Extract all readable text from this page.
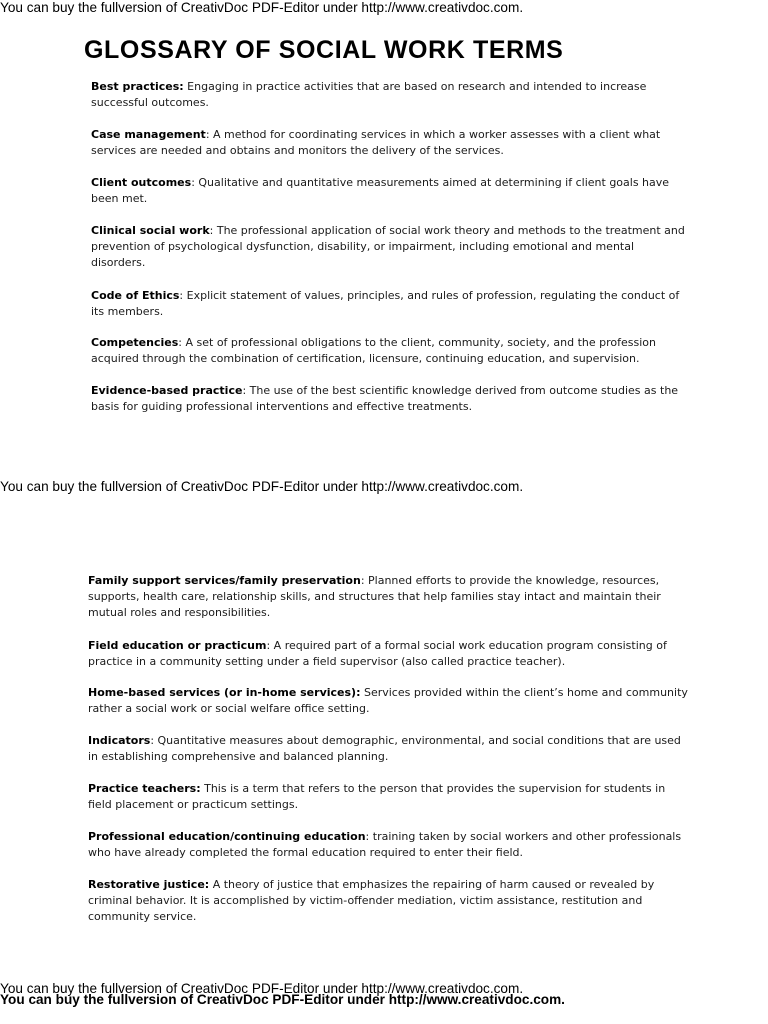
You can buy the fullversion of CreativDoc PDF-Editor under http://www.creativdoc.com.
GLOSSARY OF SOCIAL WORK TERMS
Best practices: Engaging in practice activities that are based on research and intended to increase successful outcomes.
Case management: A method for coordinating services in which a worker assesses with a client what services are needed and obtains and monitors the delivery of the services.
Client outcomes: Qualitative and quantitative measurements aimed at determining if client goals have been met.
Clinical social work: The professional application of social work theory and methods to the treatment and prevention of psychological dysfunction, disability, or impairment, including emotional and mental disorders.
Code of Ethics: Explicit statement of values, principles, and rules of profession, regulating the conduct of its members.
Competencies: A set of professional obligations to the client, community, society, and the profession acquired through the combination of certification, licensure, continuing education, and supervision.
Evidence-based practice: The use of the best scientific knowledge derived from outcome studies as the basis for guiding professional interventions and effective treatments.
You can buy the fullversion of CreativDoc PDF-Editor under http://www.creativdoc.com.
Family support services/family preservation: Planned efforts to provide the knowledge, resources, supports, health care, relationship skills, and structures that help families stay intact and maintain their mutual roles and responsibilities.
Field education or practicum: A required part of a formal social work education program consisting of practice in a community setting under a field supervisor (also called practice teacher).
Home-based services (or in-home services): Services provided within the client’s home and community rather a social work or social welfare office setting.
Indicators: Quantitative measures about demographic, environmental, and social conditions that are used in establishing comprehensive and balanced planning.
Practice teachers: This is a term that refers to the person that provides the supervision for students in field placement or practicum settings.
Professional education/continuing education: training taken by social workers and other professionals who have already completed the formal education required to enter their field.
Restorative justice: A theory of justice that emphasizes the repairing of harm caused or revealed by criminal behavior. It is accomplished by victim-offender mediation, victim assistance, restitution and community service.
You can buy the fullversion of CreativDoc PDF-Editor under http://www.creativdoc.com.
You can buy the fullversion of CreativDoc PDF-Editor under http://www.creativdoc.com.
